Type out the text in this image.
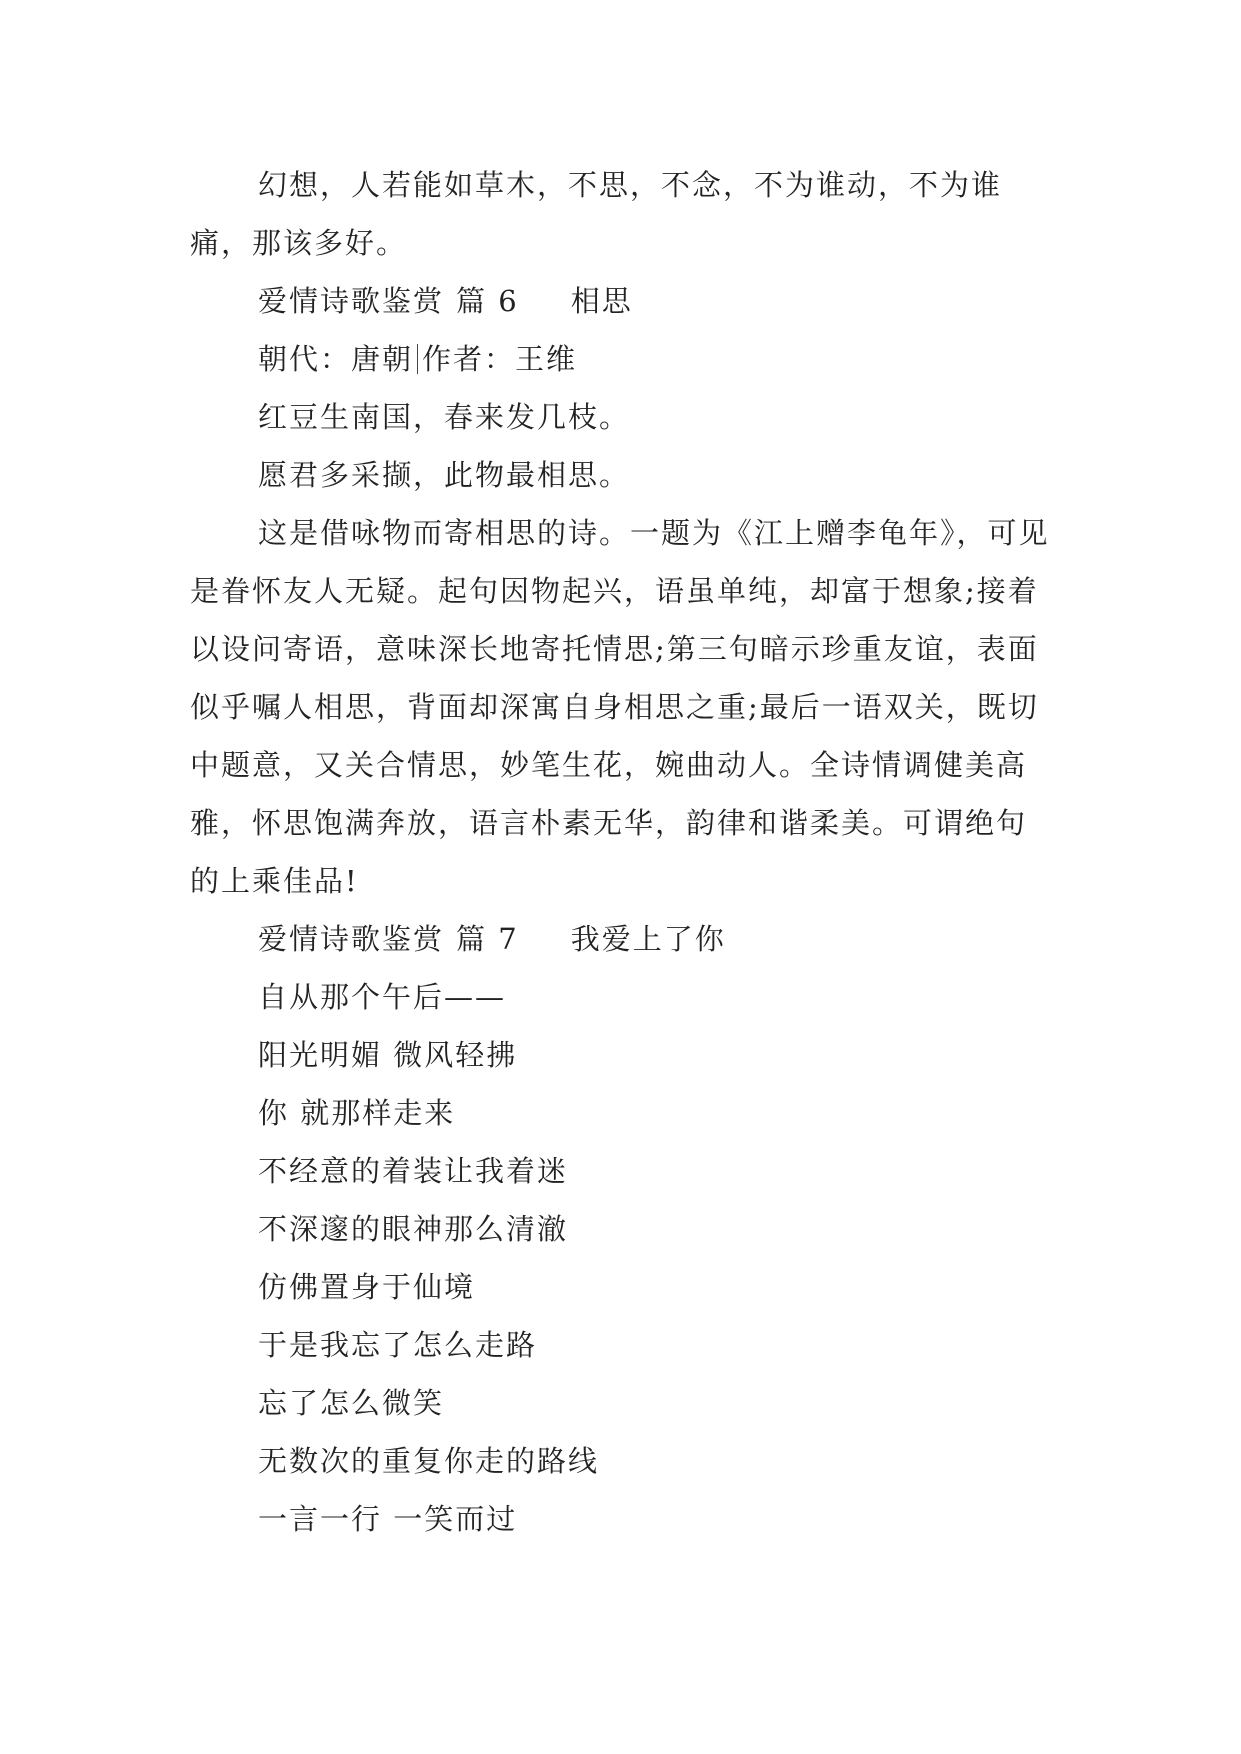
幻想，人若能如草木，不思，不念，不为谁动，不为谁痛，那该多好。

爱情诗歌鉴赏 篇 6 相思

朝代：唐朝 作者：王维

红豆生南国，春来发几枝。

愿君多采撷，此物最相思。

这是借咏物而寄相思的诗。一题为《江上赠李龟年》，可见是眷怀友人无疑。起句因物起兴，语虽单纯，却富于想象;接着以设问寄语，意味深长地寄托情思;第三句暗示珍重友谊，表面似乎嘱人相思，背面却深寓自身相思之重;最后一语双关，既切中题意，又关合情思，妙笔生花，婉曲动人。全诗情调健美高雅，怀思饱满奔放，语言朴素无华，韵律和谐柔美。可谓绝句的上乘佳品!

爱情诗歌鉴赏 篇 7 我爱上了你

自从那个午后——

阳光明媚 微风轻拂

你 就那样走来

不经意的着装让我着迷

不深邃的眼神那么清澈

仿佛置身于仙境

于是我忘了怎么走路

忘了怎么微笑

无数次的重复你走的路线

一言一行 一笑而过
